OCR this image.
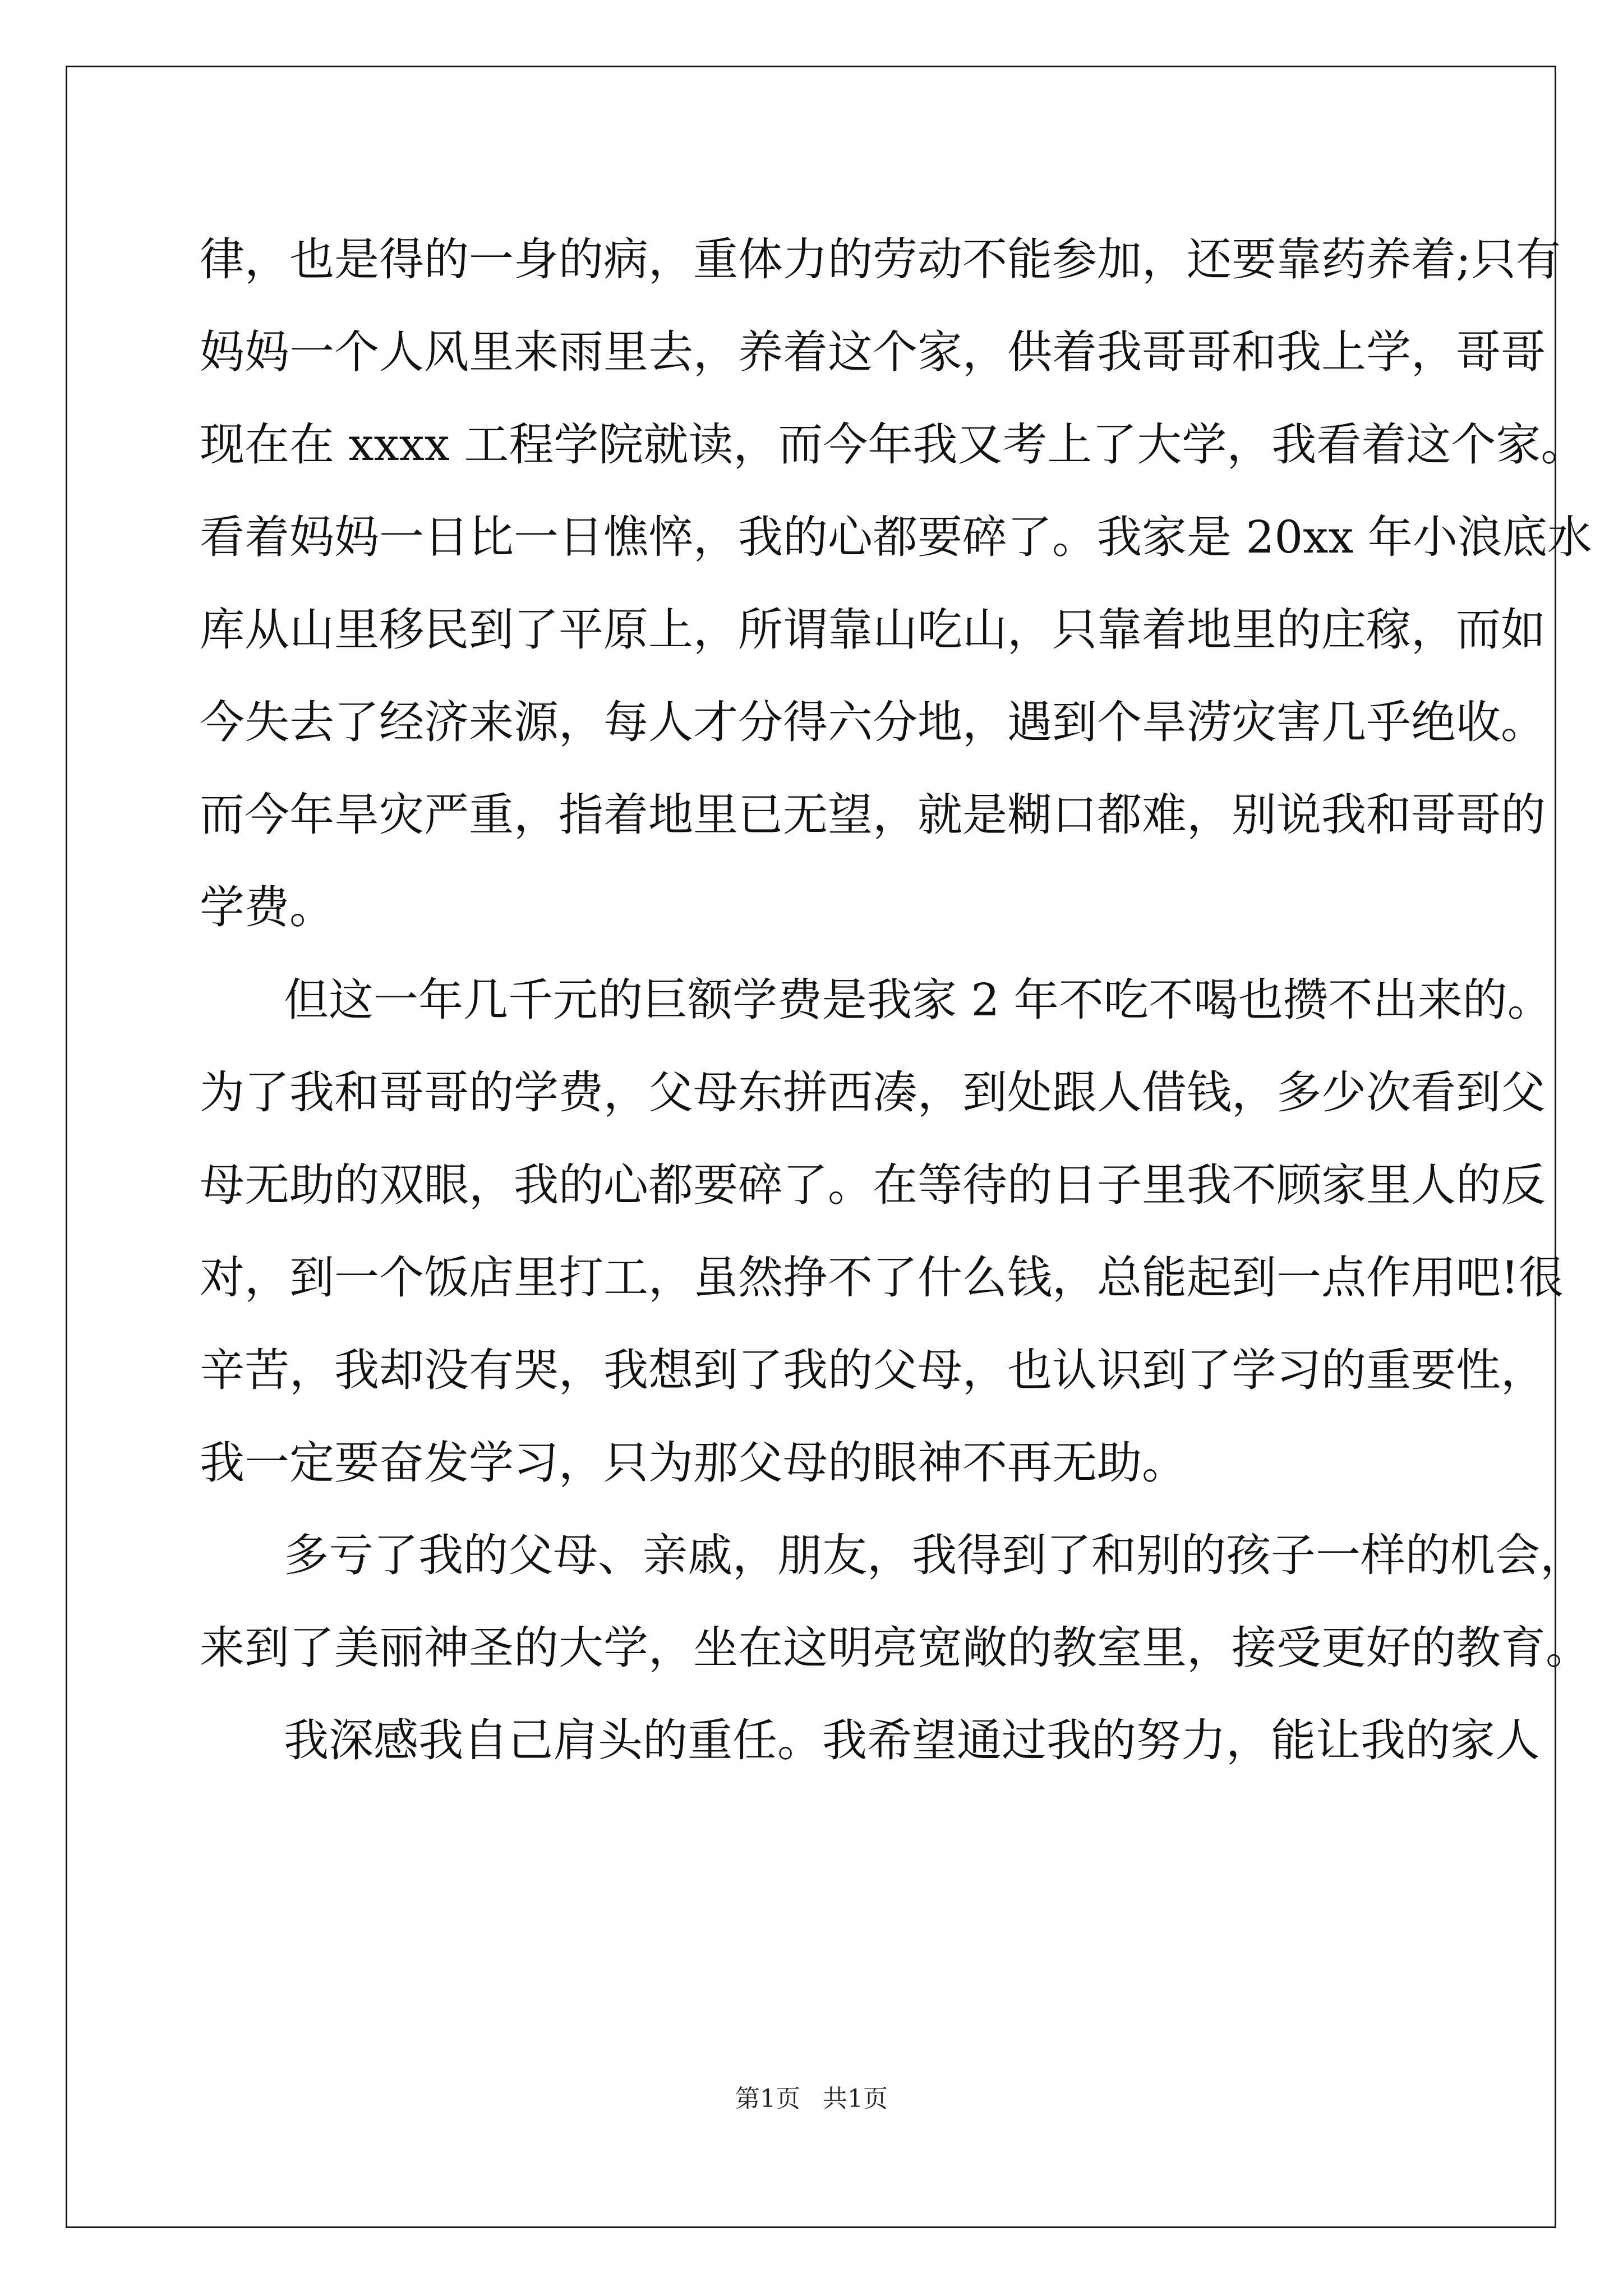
律，也是得的一身的病，重体力的劳动不能参加，还要靠药养着;只有
妈妈一个人风里来雨里去，养着这个家，供着我哥哥和我上学，哥哥
现在在 xxxx 工程学院就读，而今年我又考上了大学，我看着这个家。
看着妈妈一日比一日憔悴，我的心都要碎了。我家是 20xx 年小浪底水
库从山里移民到了平原上，所谓靠山吃山，只靠着地里的庄稼，而如
今失去了经济来源，每人才分得六分地，遇到个旱涝灾害几乎绝收。
而今年旱灾严重，指着地里已无望，就是糊口都难，别说我和哥哥的
学费。
但这一年几千元的巨额学费是我家 2 年不吃不喝也攒不出来的。
为了我和哥哥的学费，父母东拼西凑，到处跟人借钱，多少次看到父
母无助的双眼，我的心都要碎了。在等待的日子里我不顾家里人的反
对，到一个饭店里打工，虽然挣不了什么钱，总能起到一点作用吧!很
辛苦，我却没有哭，我想到了我的父母，也认识到了学习的重要性，
我一定要奋发学习，只为那父母的眼神不再无助。
多亏了我的父母、亲戚，朋友，我得到了和别的孩子一样的机会，
来到了美丽神圣的大学，坐在这明亮宽敞的教室里，接受更好的教育。
我深感我自己肩头的重任。我希望通过我的努力，能让我的家人
第1页 共1页
